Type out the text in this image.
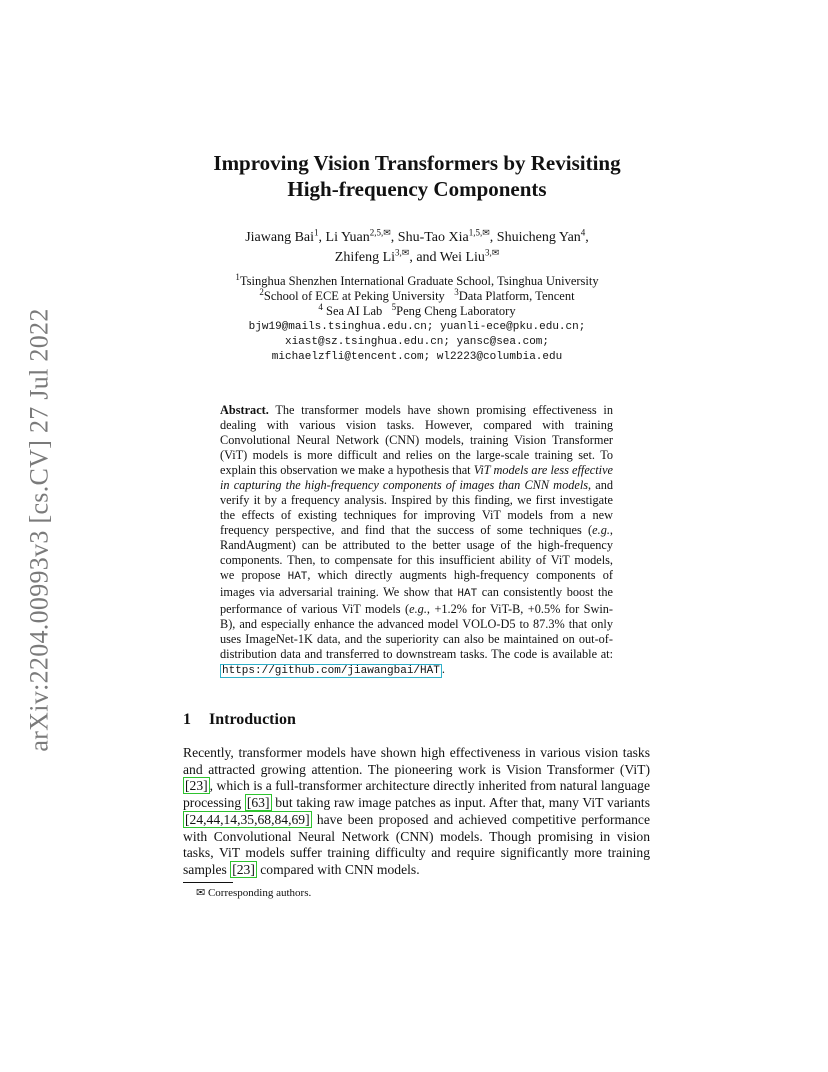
arXiv:2204.00993v3 [cs.CV] 27 Jul 2022
Improving Vision Transformers by Revisiting
High-frequency Components
Jiawang Bai$^1$, Li Yuan$^{2,5,✉}$, Shu-Tao Xia$^{1,5,✉}$, Shuicheng Yan$^4$,
Zhifeng $Li^{3,✉}$, and Wei Liu$^{3,✉}$
$^1$Tsinghua Shenzhen International Graduate School, Tsinghua University
$^2$School of ECE at Peking University $^3$Data Platform, Tencent
$^4$ Sea AI Lab $^5$Peng Cheng Laboratory
bjw19@mails.tsinghua.edu.cn; yuanli-ece@pku.edu.cn;
xiast@sz.tsinghua.edu.cn; yansc@sea.com;
michaelzfli@tencent.com; wl2223@columbia.edu
Abstract. The transformer models have shown promising effectiveness in dealing with various vision tasks. However, compared with training Convolutional Neural Network (CNN) models, training Vision Transformer (ViT) models is more difficult and relies on the large-scale training set. To explain this observation we make a hypothesis that ViT models are less effective in capturing the high-frequency components of images than CNN models, and verify it by a frequency analysis. Inspired by this finding, we first investigate the effects of existing techniques for improving ViT models from a new frequency perspective, and find that the success of some techniques (e.g., RandAugment) can be attributed to the better usage of the high-frequency components. Then, to compensate for this insufficient ability of ViT models, we propose HAT, which directly augments high-frequency components of images via adversarial training. We show that HAT can consistently boost the performance of various ViT models (e.g., +1.2% for ViT-B, +0.5% for Swin-B), and especially enhance the advanced model VOLO-D5 to 87.3% that only uses ImageNet-1K data, and the superiority can also be maintained on out-of-distribution data and transferred to downstream tasks. The code is available at: https://github.com/jiawangbai/HAT .
1 Introduction
Recently, transformer models have shown high effectiveness in various vision tasks and attracted growing attention. The pioneering work is Vision Transformer (ViT) [23] , which is a full-transformer architecture directly inherited from natural language processing [63] but taking raw image patches as input. After that, many ViT variants [24,44,14,35,68,84,69] have been proposed and achieved competitive performance with Convolutional Neural Network (CNN) models. Though promising in vision tasks, ViT models suffer training difficulty and require significantly more training samples [23] compared with CNN models.
✉ Corresponding authors.
